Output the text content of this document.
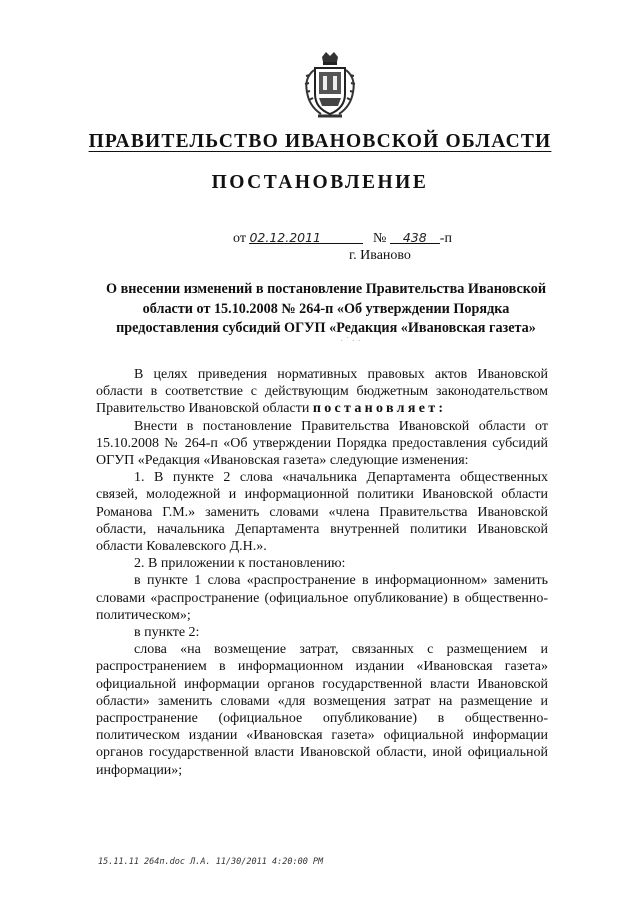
ПРАВИТЕЛЬСТВО ИВАНОВСКОЙ ОБЛАСТИ
ПОСТАНОВЛЕНИЕ
от 02.12.2011	№ 438 -п
г. Иваново
О внесении изменений в постановление Правительства Ивановской области от 15.10.2008 № 264-п «Об утверждении Порядка предоставления субсидий ОГУП «Редакция «Ивановская газета»
· ˙ · ·

В целях приведения нормативных правовых актов Ивановской области в соответствие с действующим бюджетным законодательством Правительство Ивановской области постановляет:

Внести в постановление Правительства Ивановской области от 15.10.2008 № 264-п «Об утверждении Порядка предоставления субсидий ОГУП «Редакция «Ивановская газета» следующие изменения:

1. В пункте 2 слова «начальника Департамента общественных связей, молодежной и информационной политики Ивановской области Романова Г.М.» заменить словами «члена Правительства Ивановской области, начальника Департамента внутренней политики Ивановской области Ковалевского Д.Н.».

2. В приложении к постановлению:

в пункте 1 слова «распространение в информационном» заменить словами «распространение (официальное опубликование) в общественно-политическом»;

в пункте 2:

слова «на возмещение затрат, связанных с размещением и распространением в информационном издании «Ивановская газета» официальной информации органов государственной власти Ивановской области» заменить словами «для возмещения затрат на размещение и распространение (официальное опубликование) в общественно-политическом издании «Ивановская газета» официальной информации органов государственной власти Ивановской области, иной официальной информации»;

15.11.11 264п.doc Л.А. 11/30/2011 4:20:00 PM
